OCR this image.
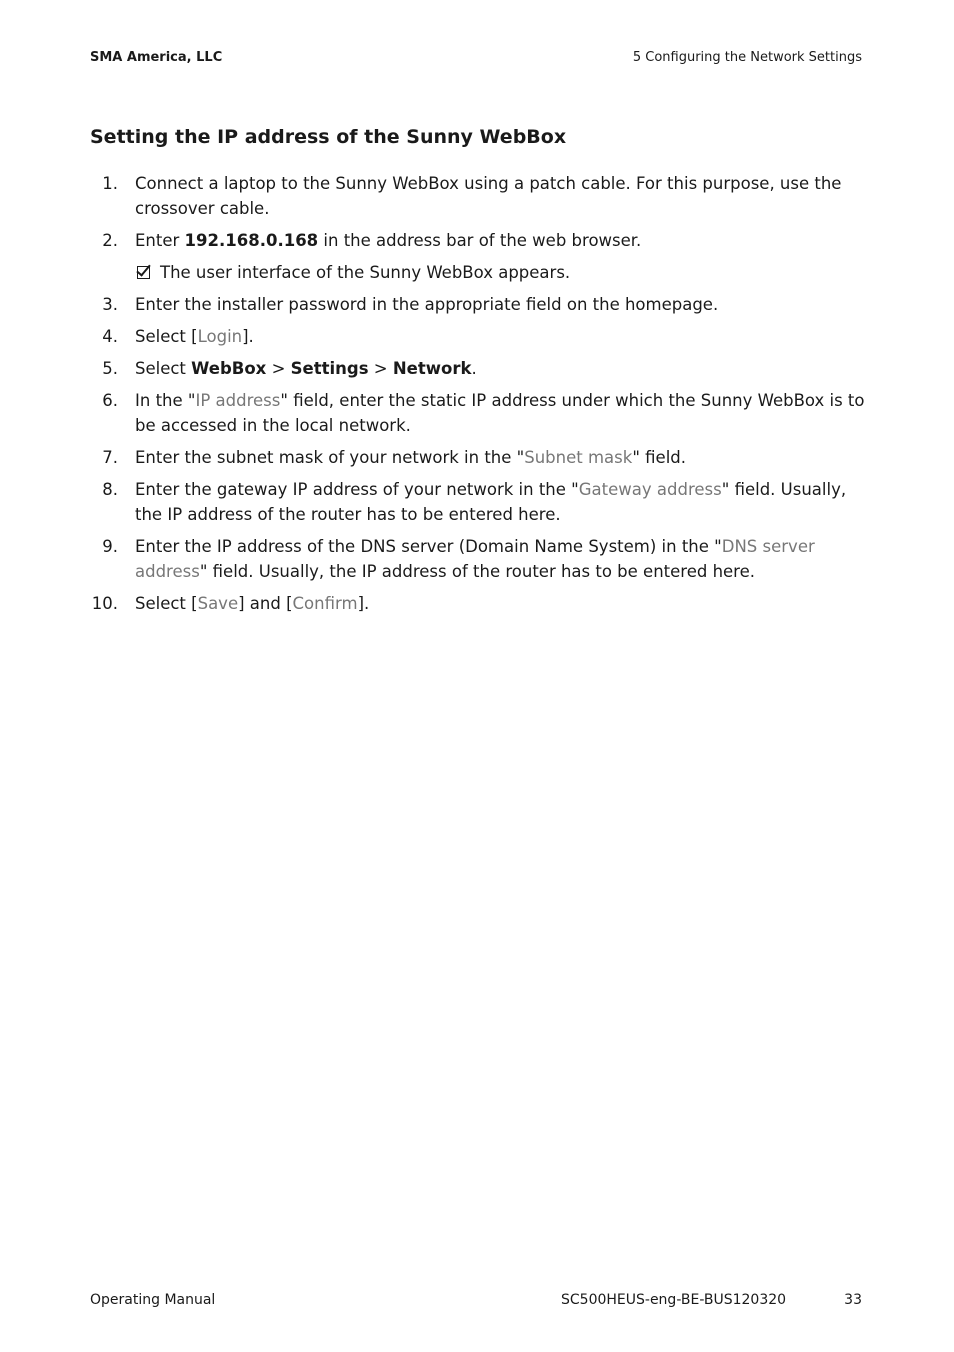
SMA America, LLC	5 Configuring the Network Settings
Setting the IP address of the Sunny WebBox
1.	Connect a laptop to the Sunny WebBox using a patch cable. For this purpose, use the crossover cable.
2.	Enter 192.168.0.168 in the address bar of the web browser.
The user interface of the Sunny WebBox appears.
3.	Enter the installer password in the appropriate field on the homepage.
4.	Select [Login].
5.	Select WebBox > Settings > Network.
6.	In the "IP address" field, enter the static IP address under which the Sunny WebBox is to be accessed in the local network.
7.	Enter the subnet mask of your network in the "Subnet mask" field.
8.	Enter the gateway IP address of your network in the "Gateway address" field. Usually, the IP address of the router has to be entered here.
9.	Enter the IP address of the DNS server (Domain Name System) in the "DNS server address" field. Usually, the IP address of the router has to be entered here.
10.	Select [Save] and [Confirm].
Operating Manual	SC500HEUS-eng-BE-BUS120320	33
